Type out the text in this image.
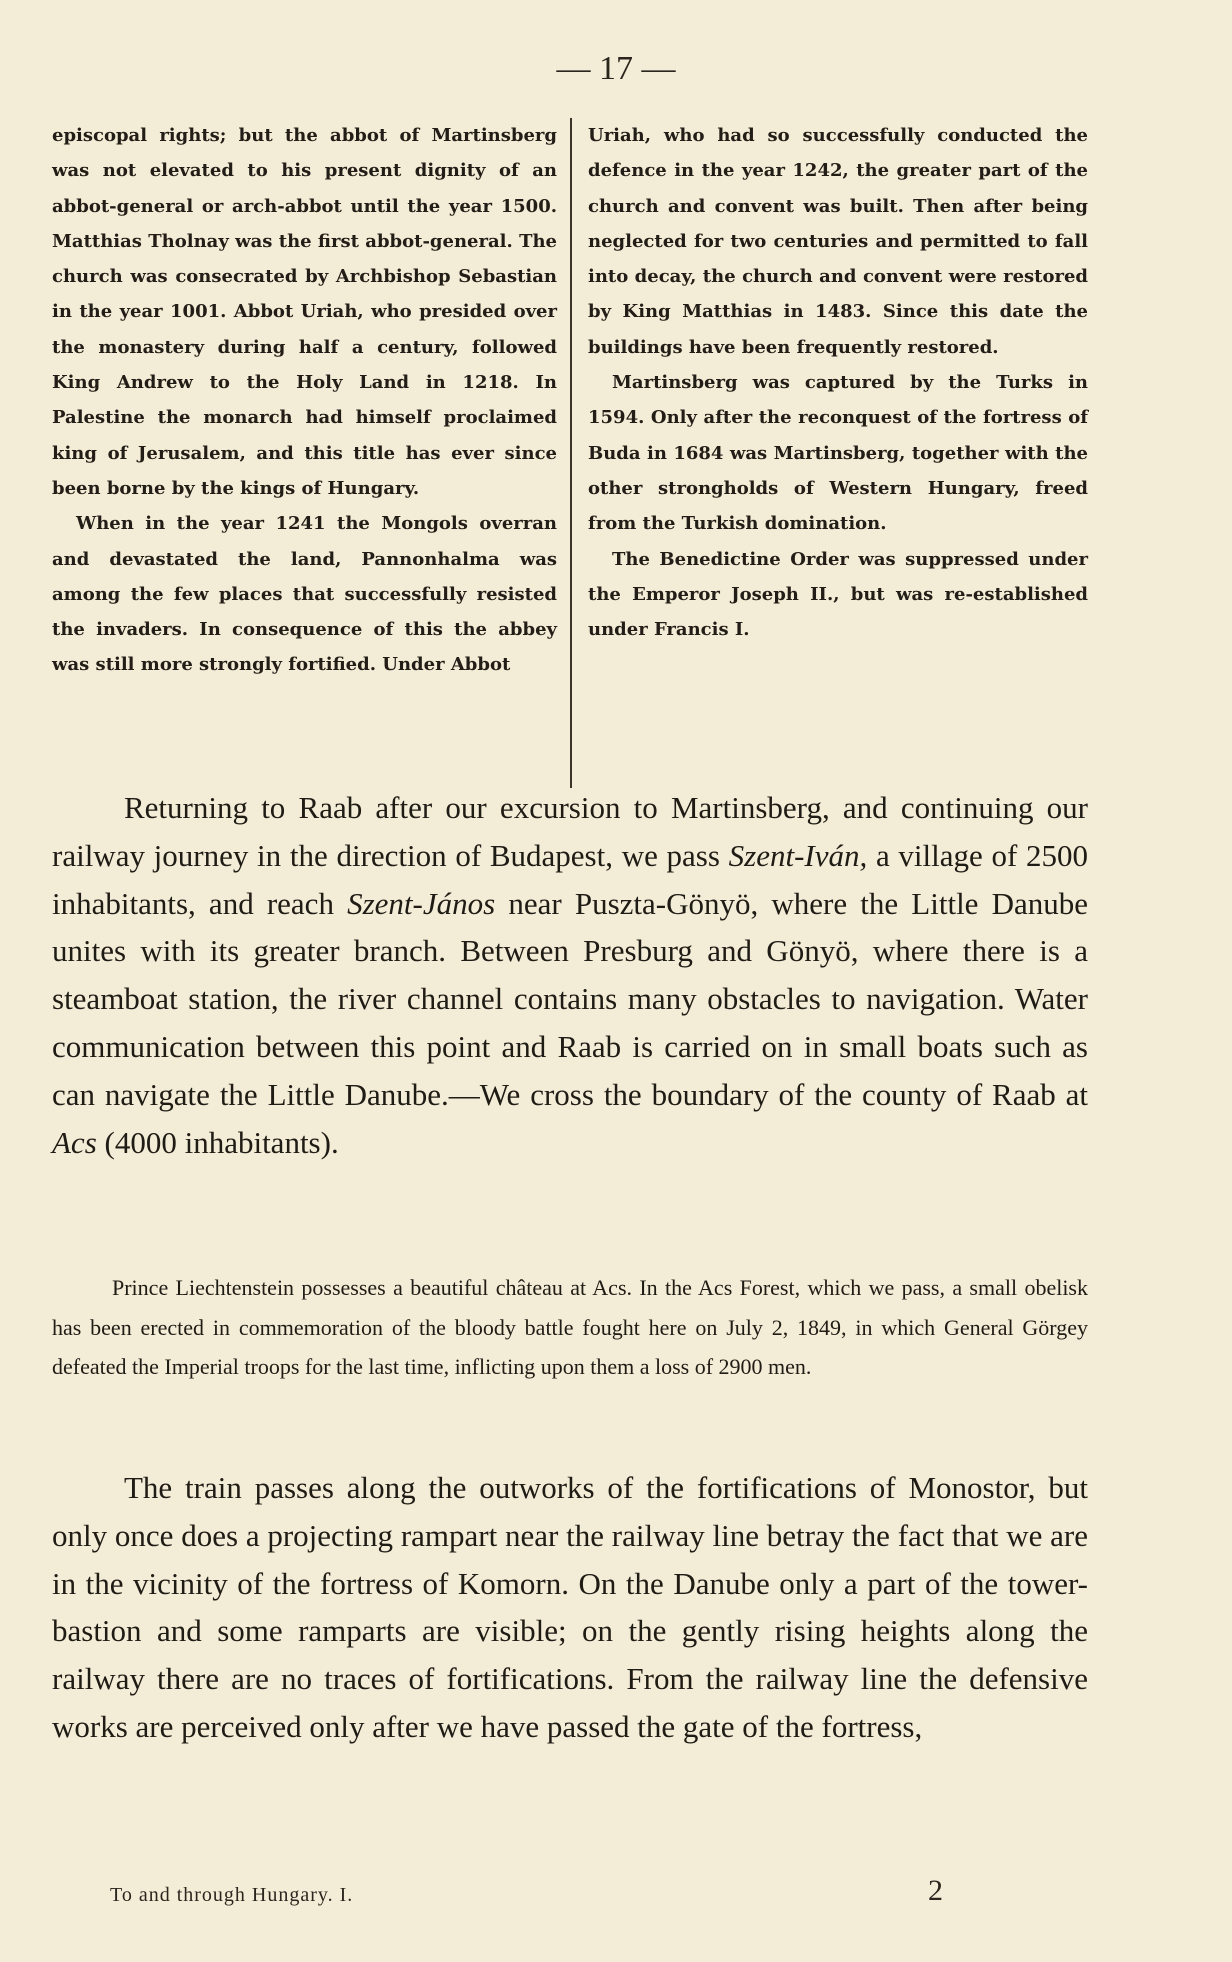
— 17 —

episcopal rights; but the abbot of Martinsberg was not elevated to his present dignity of an abbot-general or arch-abbot until the year 1500. Matthias Tholnay was the first abbot-general. The church was consecrated by Archbishop Sebastian in the year 1001. Abbot Uriah, who presided over the monastery during half a century, followed King Andrew to the Holy Land in 1218. In Palestine the monarch had himself proclaimed king of Jerusalem, and this title has ever since been borne by the kings of Hungary.

When in the year 1241 the Mongols overran and devastated the land, Pannonhalma was among the few places that successfully resisted the invaders. In consequence of this the abbey was still more strongly fortified. Under Abbot

Uriah, who had so successfully conducted the defence in the year 1242, the greater part of the church and convent was built. Then after being neglected for two centuries and permitted to fall into decay, the church and convent were restored by King Matthias in 1483. Since this date the buildings have been frequently restored.

Martinsberg was captured by the Turks in 1594. Only after the reconquest of the fortress of Buda in 1684 was Martinsberg, together with the other strongholds of Western Hungary, freed from the Turkish domination.

The Benedictine Order was suppressed under the Emperor Joseph II., but was re-established under Francis I.

Returning to Raab after our excursion to Martinsberg, and continuing our railway journey in the direction of Budapest, we pass Szent-Iván, a village of 2500 inhabitants, and reach Szent-János near Puszta-Gönyö, where the Little Danube unites with its greater branch. Between Presburg and Gönyö, where there is a steamboat station, the river channel contains many obstacles to navigation. Water communication between this point and Raab is carried on in small boats such as can navigate the Little Danube.—We cross the boundary of the county of Raab at Acs (4000 inhabitants).

Prince Liechtenstein possesses a beautiful château at Acs. In the Acs Forest, which we pass, a small obelisk has been erected in commemoration of the bloody battle fought here on July 2, 1849, in which General Görgey defeated the Imperial troops for the last time, inflicting upon them a loss of 2900 men.

The train passes along the outworks of the fortifications of Monostor, but only once does a projecting rampart near the railway line betray the fact that we are in the vicinity of the fortress of Komorn. On the Danube only a part of the tower-bastion and some ramparts are visible; on the gently rising heights along the railway there are no traces of fortifications. From the railway line the defensive works are perceived only after we have passed the gate of the fortress,

To and through Hungary. I.	2
